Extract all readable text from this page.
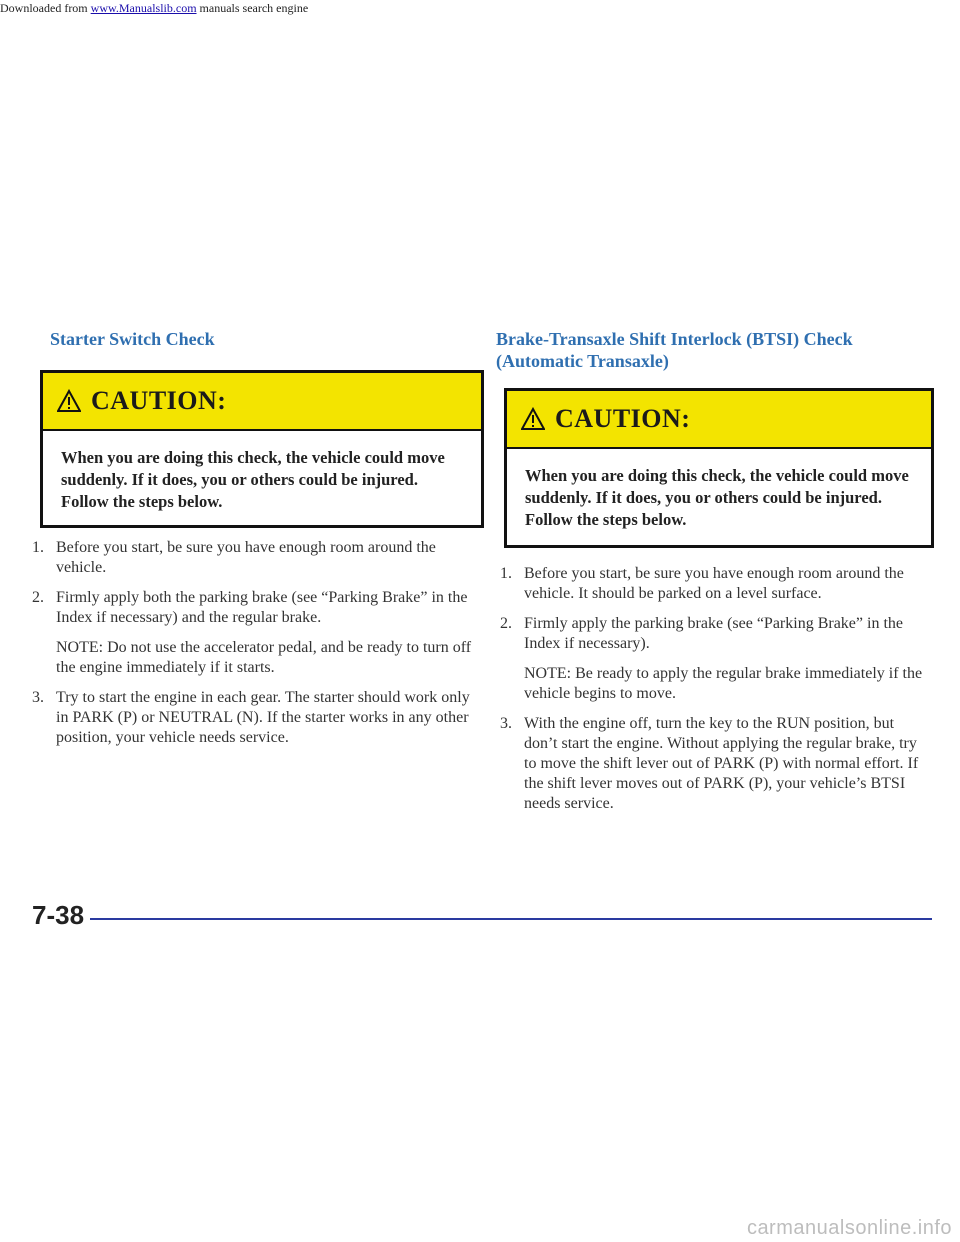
Downloaded from www.Manualslib.com manuals search engine
Starter Switch Check
CAUTION:
When you are doing this check, the vehicle could move suddenly. If it does, you or others could be injured. Follow the steps below.
1. Before you start, be sure you have enough room around the vehicle.
2. Firmly apply both the parking brake (see “Parking Brake” in the Index if necessary) and the regular brake.
NOTE: Do not use the accelerator pedal, and be ready to turn off the engine immediately if it starts.
3. Try to start the engine in each gear. The starter should work only in PARK (P) or NEUTRAL (N). If the starter works in any other position, your vehicle needs service.
Brake-Transaxle Shift Interlock (BTSI) Check (Automatic Transaxle)
CAUTION:
When you are doing this check, the vehicle could move suddenly. If it does, you or others could be injured. Follow the steps below.
1. Before you start, be sure you have enough room around the vehicle. It should be parked on a level surface.
2. Firmly apply the parking brake (see “Parking Brake” in the Index if necessary).
NOTE: Be ready to apply the regular brake immediately if the vehicle begins to move.
3. With the engine off, turn the key to the RUN position, but don’t start the engine. Without applying the regular brake, try to move the shift lever out of PARK (P) with normal effort. If the shift lever moves out of PARK (P), your vehicle’s BTSI needs service.
7-38
carmanualsonline.info
